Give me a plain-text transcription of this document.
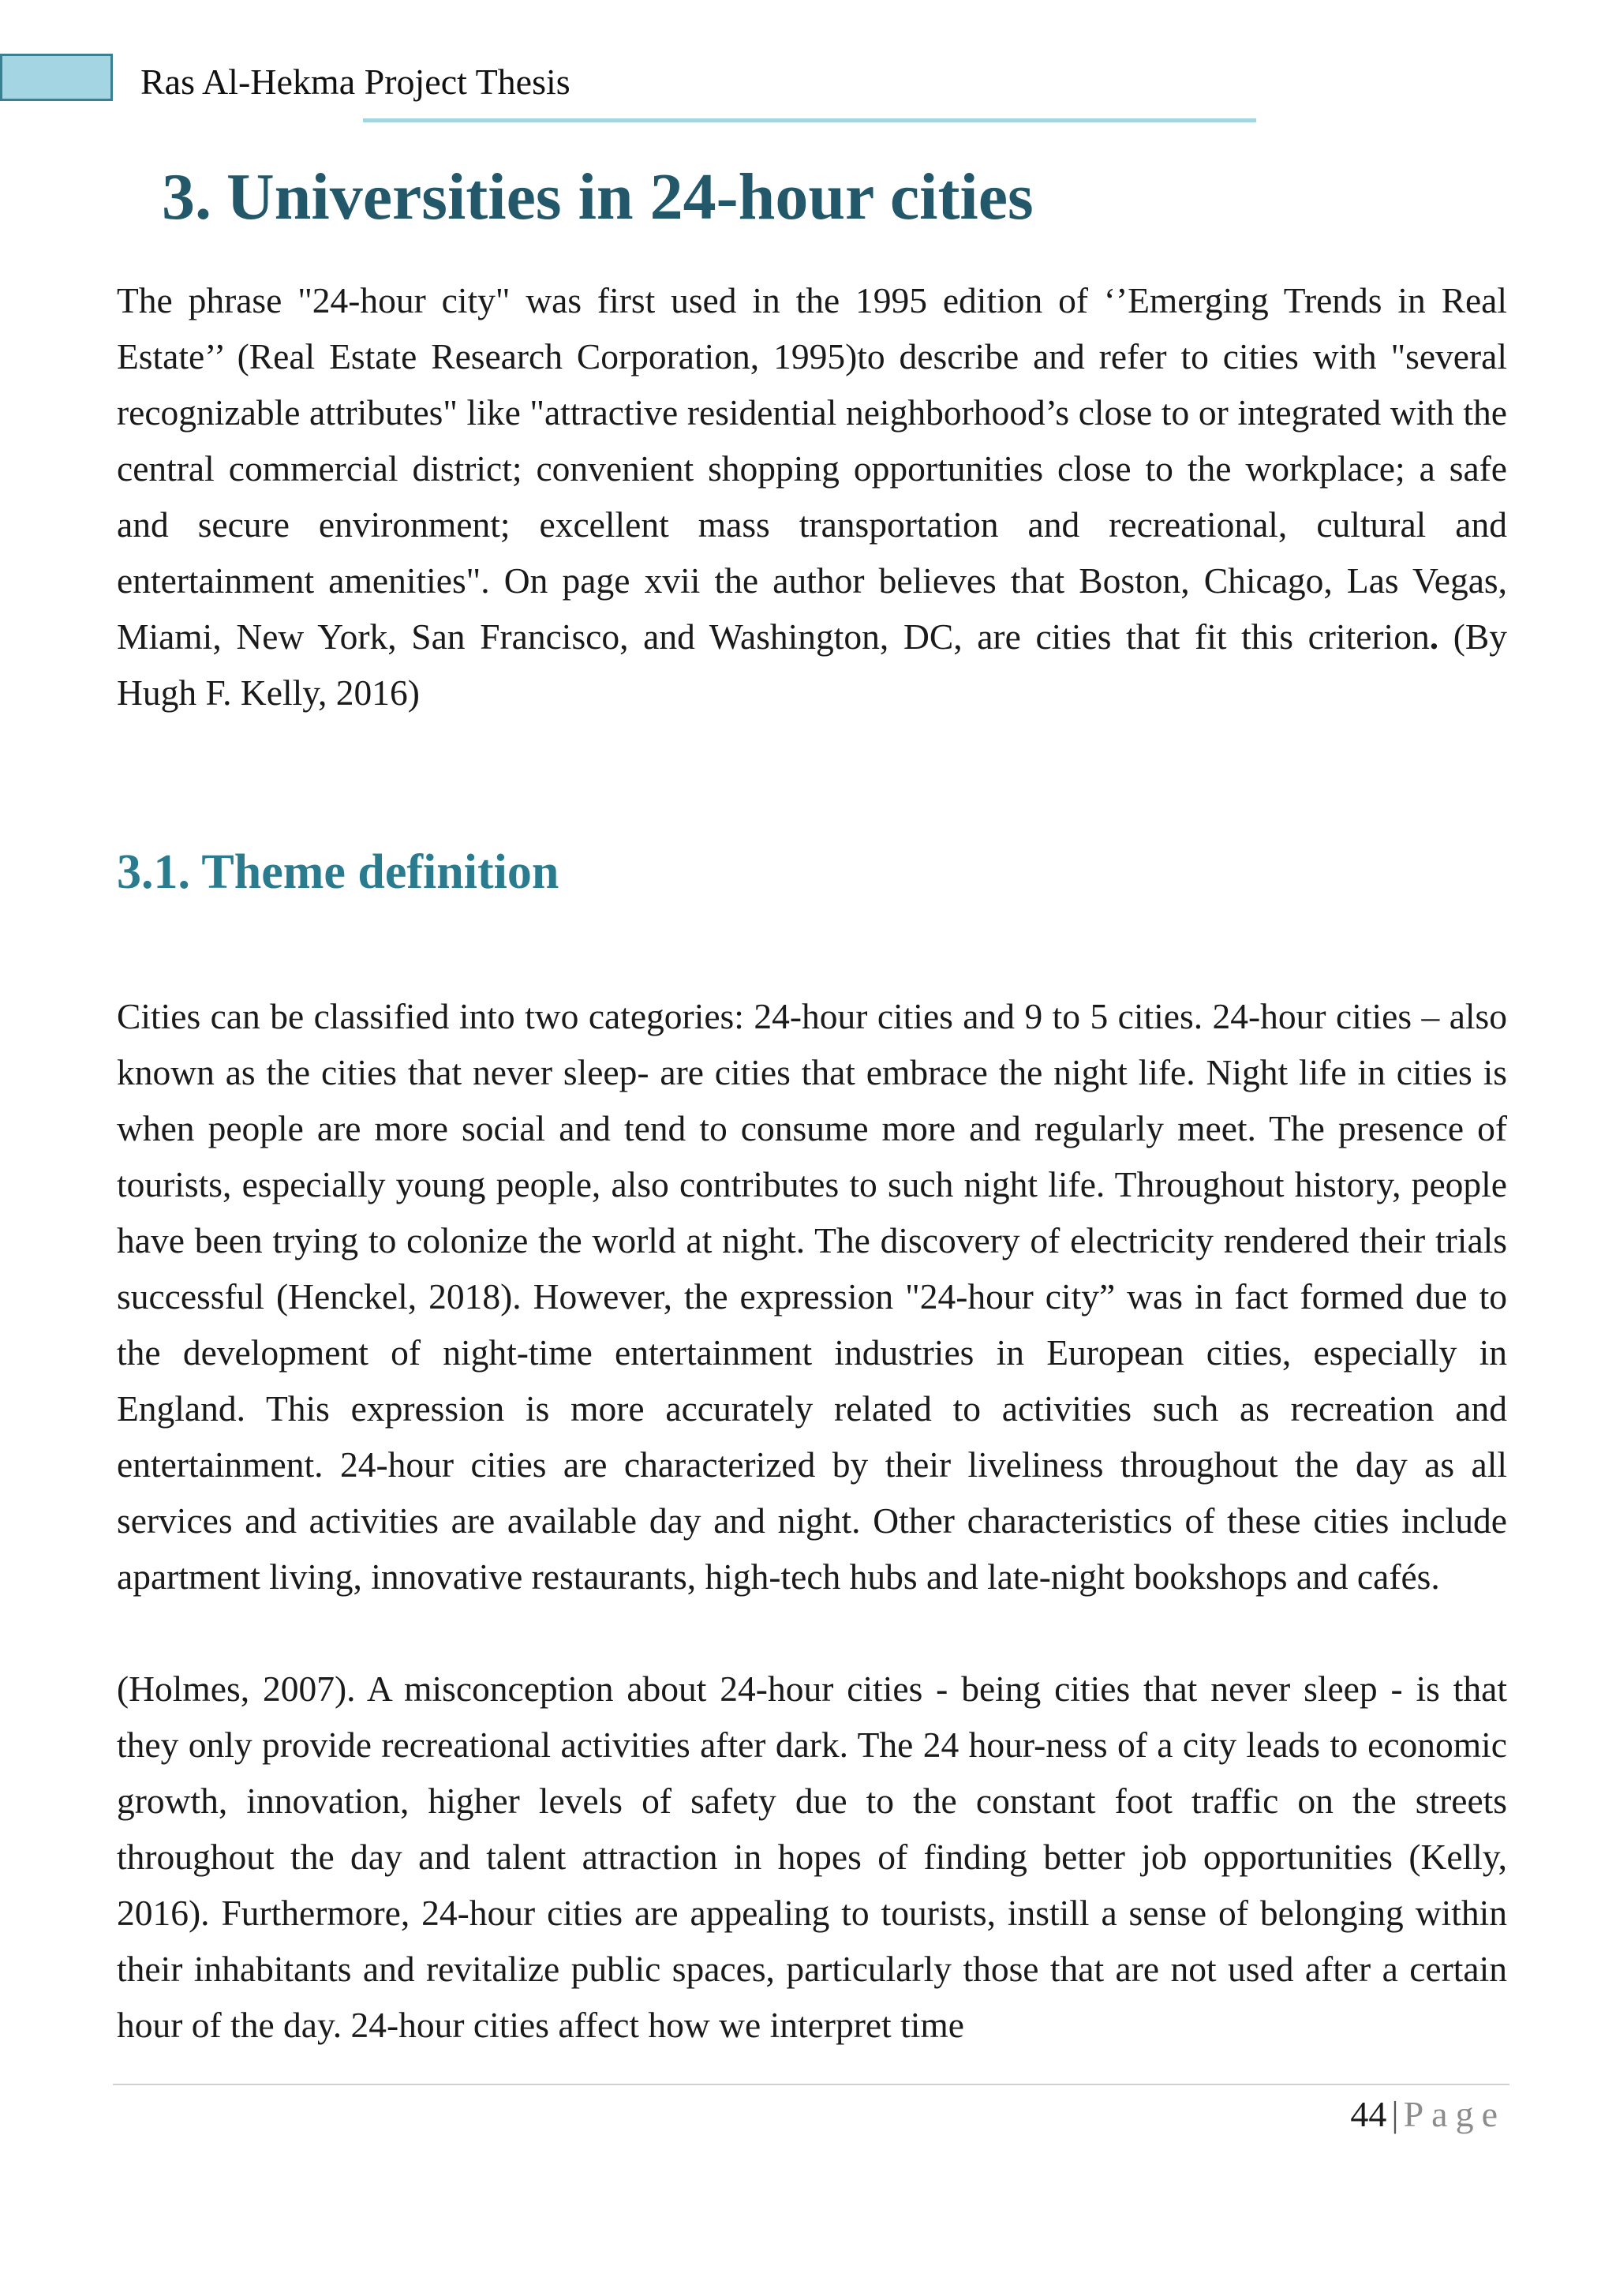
Ras Al-Hekma Project Thesis
3. Universities in 24-hour cities

The phrase "24-hour city" was first used in the 1995 edition of ‘’Emerging Trends in Real Estate’’ (Real Estate Research Corporation, 1995)to describe and refer to cities with "several recognizable attributes" like "attractive residential neighborhood’s close to or integrated with the central commercial district; convenient shopping opportunities close to the workplace; a safe and secure environment; excellent mass transportation and recreational, cultural and entertainment amenities". On page xvii the author believes that Boston, Chicago, Las Vegas, Miami, New York, San Francisco, and Washington, DC, are cities that fit this criterion. (By Hugh F. Kelly, 2016)

3.1. Theme definition

Cities can be classified into two categories: 24-hour cities and 9 to 5 cities. 24-hour cities – also known as the cities that never sleep- are cities that embrace the night life. Night life in cities is when people are more social and tend to consume more and regularly meet. The presence of tourists, especially young people, also contributes to such night life. Throughout history, people have been trying to colonize the world at night. The discovery of electricity rendered their trials successful (Henckel, 2018). However, the expression "24-hour city” was in fact formed due to the development of night-time entertainment industries in European cities, especially in England. This expression is more accurately related to activities such as recreation and entertainment. 24-hour cities are characterized by their liveliness throughout the day as all services and activities are available day and night. Other characteristics of these cities include apartment living, innovative restaurants, high-tech hubs and late-night bookshops and cafés.

(Holmes, 2007). A misconception about 24-hour cities - being cities that never sleep - is that they only provide recreational activities after dark. The 24 hour-ness of a city leads to economic growth, innovation, higher levels of safety due to the constant foot traffic on the streets throughout the day and talent attraction in hopes of finding better job opportunities (Kelly, 2016). Furthermore, 24-hour cities are appealing to tourists, instill a sense of belonging within their inhabitants and revitalize public spaces, particularly those that are not used after a certain hour of the day. 24-hour cities affect how we interpret time

44 | Page
